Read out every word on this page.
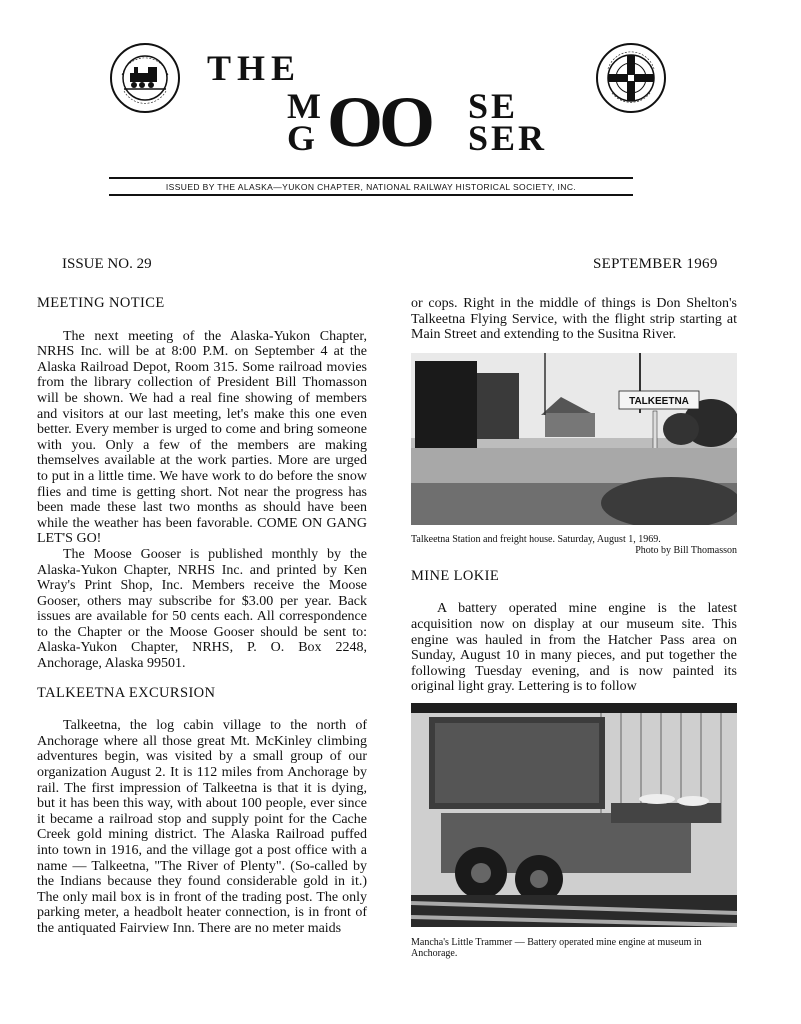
THE
M
G OO SE
SER
ISSUED BY THE ALASKA—YUKON CHAPTER, NATIONAL RAILWAY HISTORICAL SOCIETY, INC.
ISSUE NO. 29	SEPTEMBER 1969
MEETING NOTICE

The next meeting of the Alaska-Yukon Chapter, NRHS Inc. will be at 8:00 P.M. on September 4 at the Alaska Railroad Depot, Room 315. Some railroad movies from the library collection of President Bill Thomasson will be shown. We had a real fine showing of members and visitors at our last meeting, let's make this one even better. Every member is urged to come and bring someone with you. Only a few of the members are making themselves available at the work parties. More are urged to put in a little time. We have work to do before the snow flies and time is getting short. Not near the progress has been made these last two months as should have been while the weather has been favorable. COME ON GANG LET'S GO!

The Moose Gooser is published monthly by the Alaska-Yukon Chapter, NRHS Inc. and printed by Ken Wray's Print Shop, Inc. Members receive the Moose Gooser, others may subscribe for $3.00 per year. Back issues are available for 50 cents each. All correspondence to the Chapter or the Moose Gooser should be sent to: Alaska-Yukon Chapter, NRHS, P. O. Box 2248, Anchorage, Alaska 99501.

TALKEETNA EXCURSION

Talkeetna, the log cabin village to the north of Anchorage where all those great Mt. McKinley climbing adventures begin, was visited by a small group of our organization August 2. It is 112 miles from Anchorage by rail. The first impression of Talkeetna is that it is dying, but it has been this way, with about 100 people, ever since it became a railroad stop and supply point for the Cache Creek gold mining district. The Alaska Railroad puffed into town in 1916, and the village got a post office with a name — Talkeetna, "The River of Plenty". (So-called by the Indians because they found considerable gold in it.) The only mail box is in front of the trading post. The only parking meter, a headbolt heater connection, is in front of the antiquated Fairview Inn. There are no meter maids

or cops. Right in the middle of things is Don Shelton's Talkeetna Flying Service, with the flight strip starting at Main Street and extending to the Susitna River.

TALKEETNA
Talkeetna Station and freight house. Saturday, August 1, 1969.
Photo by Bill Thomasson
MINE LOKIE

A battery operated mine engine is the latest acquisition now on display at our museum site. This engine was hauled in from the Hatcher Pass area on Sunday, August 10 in many pieces, and put together the following Tuesday evening, and is now painted its original light gray. Lettering is to follow

Mancha's Little Trammer — Battery operated mine engine at museum in Anchorage.
